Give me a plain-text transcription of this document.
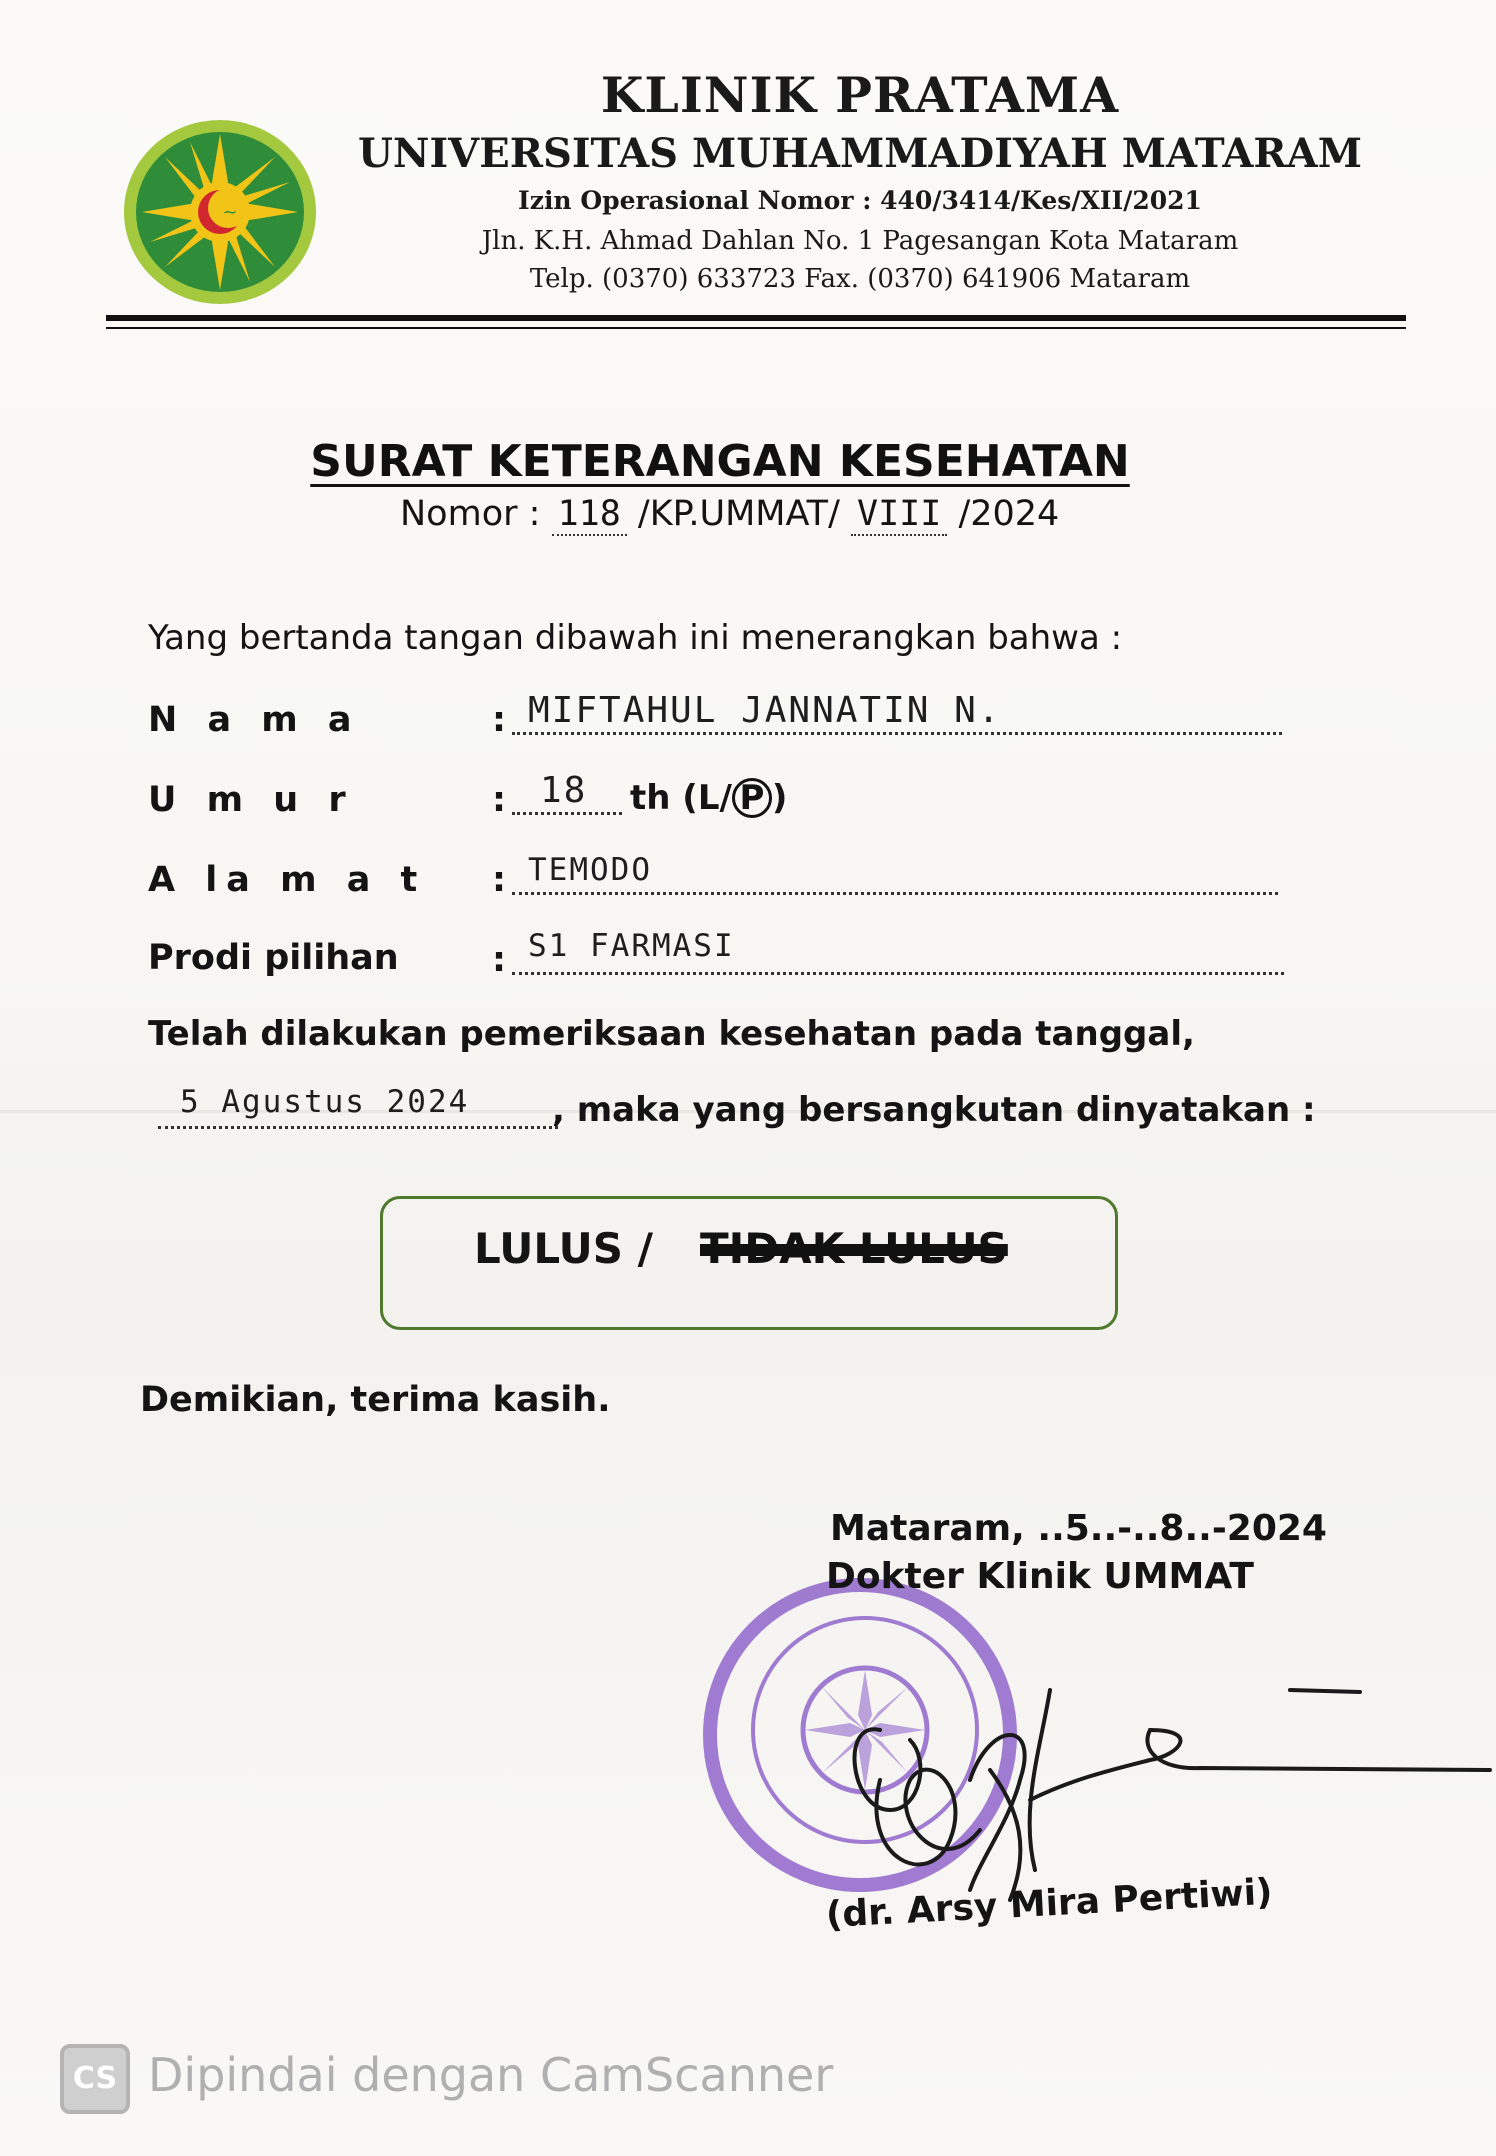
~
KLINIK PRATAMA
UNIVERSITAS MUHAMMADIYAH MATARAM
Izin Operasional Nomor : 440/3414/Kes/XII/2021
Jln. K.H. Ahmad Dahlan No. 1 Pagesangan Kota Mataram
Telp. (0370) 633723 Fax. (0370) 641906 Mataram
SURAT KETERANGAN KESEHATAN
Nomor : 118 /KP.UMMAT/ VIII /2024
Yang bertanda tangan dibawah ini menerangkan bahwa :
N a m a	: MIFTAHUL JANNATIN N.
U m u r	: 18 th (L/ P )
A la m a t : TEMODO
Prodi pilihan	: S1 FARMASI
Telah dilakukan pemeriksaan kesehatan pada tanggal,
5 Agustus 2024 , maka yang bersangkutan dinyatakan :
LULUS / TIDAK LULUS
Demikian, terima kasih.
Mataram, ..5..-..8..-2024
Dokter Klinik UMMAT
(dr. Arsy Mira Pertiwi)
CS Dipindai dengan CamScanner
